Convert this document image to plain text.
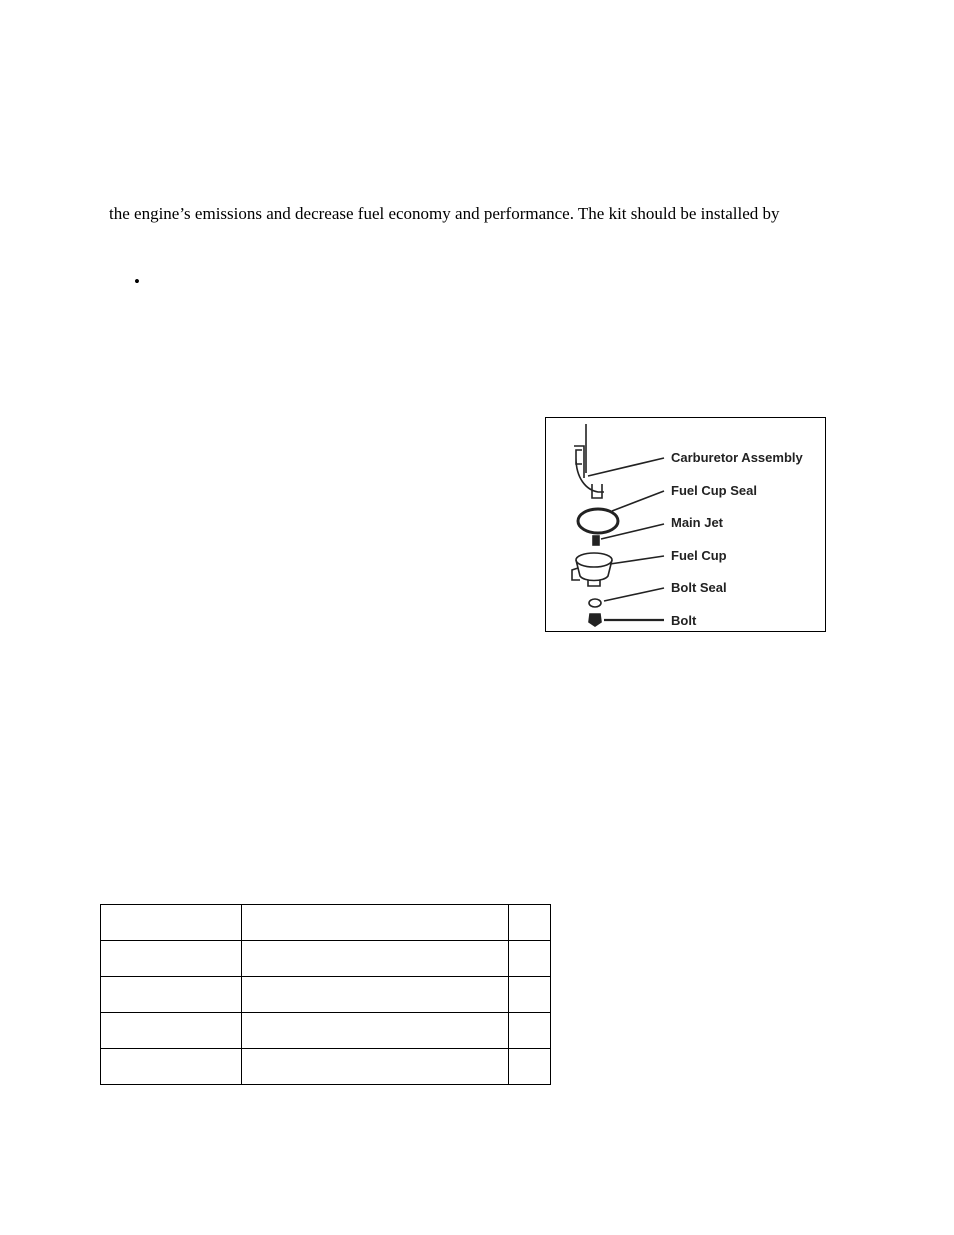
the engine’s emissions and decrease fuel economy and performance. The kit should be installed by
•
Carburetor Assembly
Fuel Cup Seal
Main Jet
Fuel Cup
Bolt Seal
Bolt
